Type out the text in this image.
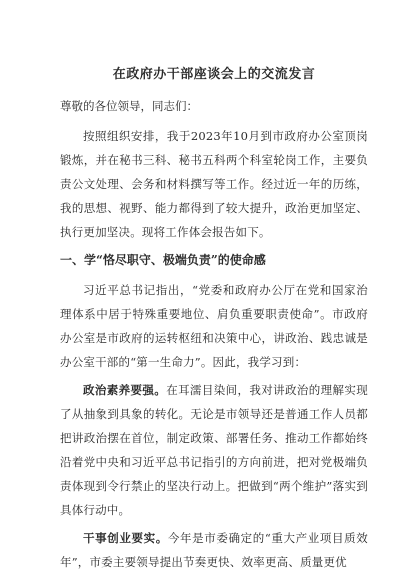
在政府办干部座谈会上的交流发言
尊敬的各位领导，同志们：

按照组织安排，我于2023年10月到市政府办公室顶岗锻炼，并在秘书三科、秘书五科两个科室轮岗工作，主要负责公文处理、会务和材料撰写等工作。经过近一年的历练，我的思想、视野、能力都得到了较大提升，政治更加坚定、执行更加坚决。现将工作体会报告如下。

一、学“恪尽职守、极端负责”的使命感

习近平总书记指出，“党委和政府办公厅在党和国家治理体系中居于特殊重要地位、肩负重要职责使命”。市政府办公室是市政府的运转枢纽和决策中心，讲政治、践忠诚是办公室干部的“第一生命力”。因此，我学习到：

政治素养要强。在耳濡目染间，我对讲政治的理解实现了从抽象到具象的转化。无论是市领导还是普通工作人员都把讲政治摆在首位，制定政策、部署任务、推动工作都始终沿着党中央和习近平总书记指引的方向前进，把对党极端负责体现到令行禁止的坚决行动上。把做到“两个维护”落实到具体行动中。

干事创业要实。今年是市委确定的“重大产业项目质效年”，市委主要领导提出节奏更快、效率更高、质量更优
